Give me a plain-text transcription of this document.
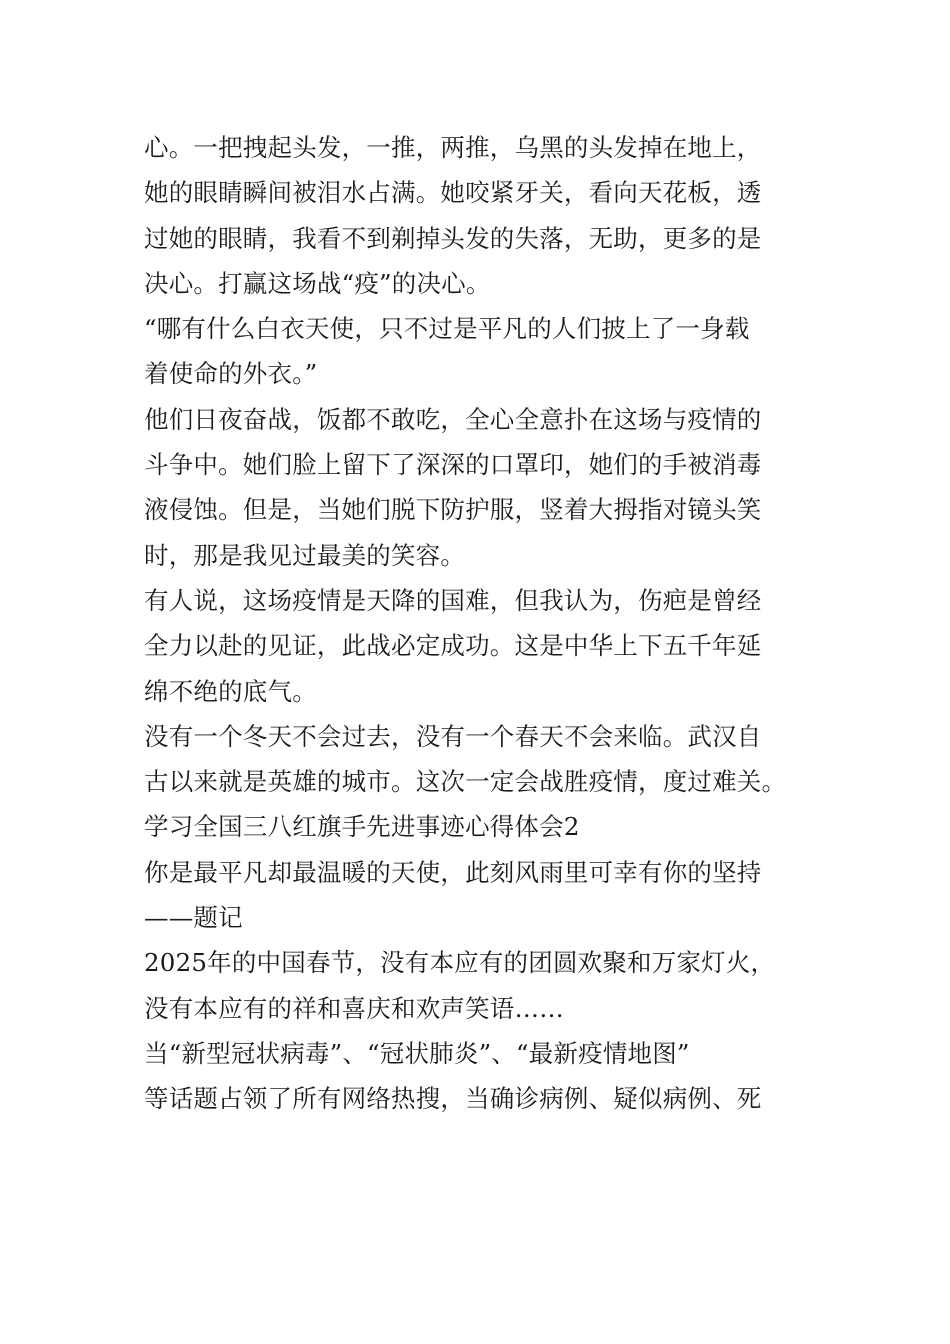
心。一把拽起头发，一推，两推，乌黑的头发掉在地上，
她的眼睛瞬间被泪水占满。她咬紧牙关，看向天花板，透
过她的眼睛，我看不到剃掉头发的失落，无助，更多的是
决心。打赢这场战“疫”的决心。
“哪有什么白衣天使，只不过是平凡的人们披上了一身载
着使命的外衣。”
他们日夜奋战，饭都不敢吃，全心全意扑在这场与疫情的
斗争中。她们脸上留下了深深的口罩印，她们的手被消毒
液侵蚀。但是，当她们脱下防护服，竖着大拇指对镜头笑
时，那是我见过最美的笑容。
有人说，这场疫情是天降的国难，但我认为，伤疤是曾经
全力以赴的见证，此战必定成功。这是中华上下五千年延
绵不绝的底气。
没有一个冬天不会过去，没有一个春天不会来临。武汉自
古以来就是英雄的城市。这次一定会战胜疫情，度过难关。
学习全国三八红旗手先进事迹心得体会2
你是最平凡却最温暖的天使，此刻风雨里可幸有你的坚持
——题记
2025年的中国春节，没有本应有的团圆欢聚和万家灯火，
没有本应有的祥和喜庆和欢声笑语……
当“新型冠状病毒”、“冠状肺炎”、“最新疫情地图”
等话题占领了所有网络热搜，当确诊病例、疑似病例、死
